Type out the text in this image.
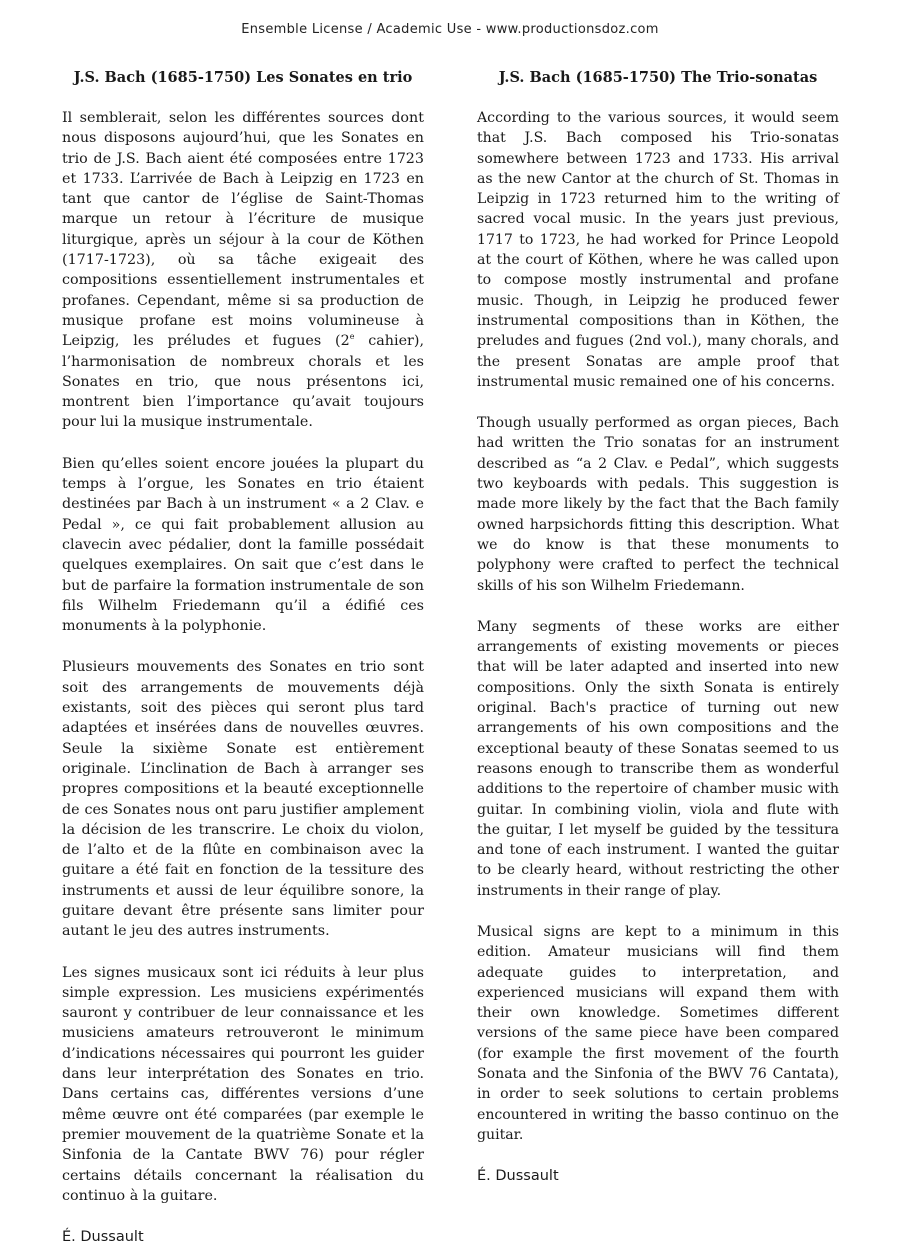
Ensemble License / Academic Use - www.productionsdoz.com
J.S. Bach (1685-1750) Les Sonates en trio

Il semblerait, selon les différentes sources dont nous disposons aujourd’hui, que les Sonates en trio de J.S. Bach aient été composées entre 1723 et 1733. L’arrivée de Bach à Leipzig en 1723 en tant que cantor de l’église de Saint-Thomas marque un retour à l’écriture de musique liturgique, après un séjour à la cour de Köthen (1717-1723), où sa tâche exigeait des compositions essentiellement instrumentales et profanes. Cependant, même si sa production de musique profane est moins volumineuse à Leipzig, les préludes et fugues (2e cahier), l’harmonisation de nombreux chorals et les Sonates en trio, que nous présentons ici, montrent bien l’importance qu’avait toujours pour lui la musique instrumentale.

Bien qu’elles soient encore jouées la plupart du temps à l’orgue, les Sonates en trio étaient destinées par Bach à un instrument « a 2 Clav. e Pedal », ce qui fait probablement allusion au clavecin avec pédalier, dont la famille possédait quelques exemplaires. On sait que c’est dans le but de parfaire la formation instrumentale de son fils Wilhelm Friedemann qu’il a édifié ces monuments à la polyphonie.

Plusieurs mouvements des Sonates en trio sont soit des arrangements de mouvements déjà existants, soit des pièces qui seront plus tard adaptées et insérées dans de nouvelles œuvres. Seule la sixième Sonate est entièrement originale. L’inclination de Bach à arranger ses propres compositions et la beauté exceptionnelle de ces Sonates nous ont paru justifier amplement la décision de les transcrire. Le choix du violon, de l’alto et de la flûte en combinaison avec la guitare a été fait en fonction de la tessiture des instruments et aussi de leur équilibre sonore, la guitare devant être présente sans limiter pour autant le jeu des autres instruments.

Les signes musicaux sont ici réduits à leur plus simple expression. Les musiciens expérimentés sauront y contribuer de leur connaissance et les musiciens amateurs retrouveront le minimum d’indications nécessaires qui pourront les guider dans leur interprétation des Sonates en trio. Dans certains cas, différentes versions d’une même œuvre ont été comparées (par exemple le premier mouvement de la quatrième Sonate et la Sinfonia de la Cantate BWV 76) pour régler certains détails concernant la réalisation du continuo à la guitare.

É. Dussault

J.S. Bach (1685-1750) The Trio-sonatas

According to the various sources, it would seem that J.S. Bach composed his Trio-sonatas somewhere between 1723 and 1733. His arrival as the new Cantor at the church of St. Thomas in Leipzig in 1723 returned him to the writing of sacred vocal music. In the years just previous, 1717 to 1723, he had worked for Prince Leopold at the court of Köthen, where he was called upon to compose mostly instrumental and profane music. Though, in Leipzig he produced fewer instrumental compositions than in Köthen, the preludes and fugues (2nd vol.), many chorals, and the present Sonatas are ample proof that instrumental music remained one of his concerns.

Though usually performed as organ pieces, Bach had written the Trio sonatas for an instrument described as “a 2 Clav. e Pedal”, which suggests two keyboards with pedals. This suggestion is made more likely by the fact that the Bach family owned harpsichords fitting this description. What we do know is that these monuments to polyphony were crafted to perfect the technical skills of his son Wilhelm Friedemann.

Many segments of these works are either arrangements of existing movements or pieces that will be later adapted and inserted into new compositions. Only the sixth Sonata is entirely original. Bach's practice of turning out new arrangements of his own compositions and the exceptional beauty of these Sonatas seemed to us reasons enough to transcribe them as wonderful additions to the repertoire of chamber music with guitar. In combining violin, viola and flute with the guitar, I let myself be guided by the tessitura and tone of each instrument. I wanted the guitar to be clearly heard, without restricting the other instruments in their range of play.

Musical signs are kept to a minimum in this edition. Amateur musicians will find them adequate guides to interpretation, and experienced musicians will expand them with their own knowledge. Sometimes different versions of the same piece have been compared (for example the first movement of the fourth Sonata and the Sinfonia of the BWV 76 Cantata), in order to seek solutions to certain problems encountered in writing the basso continuo on the guitar.

É. Dussault
